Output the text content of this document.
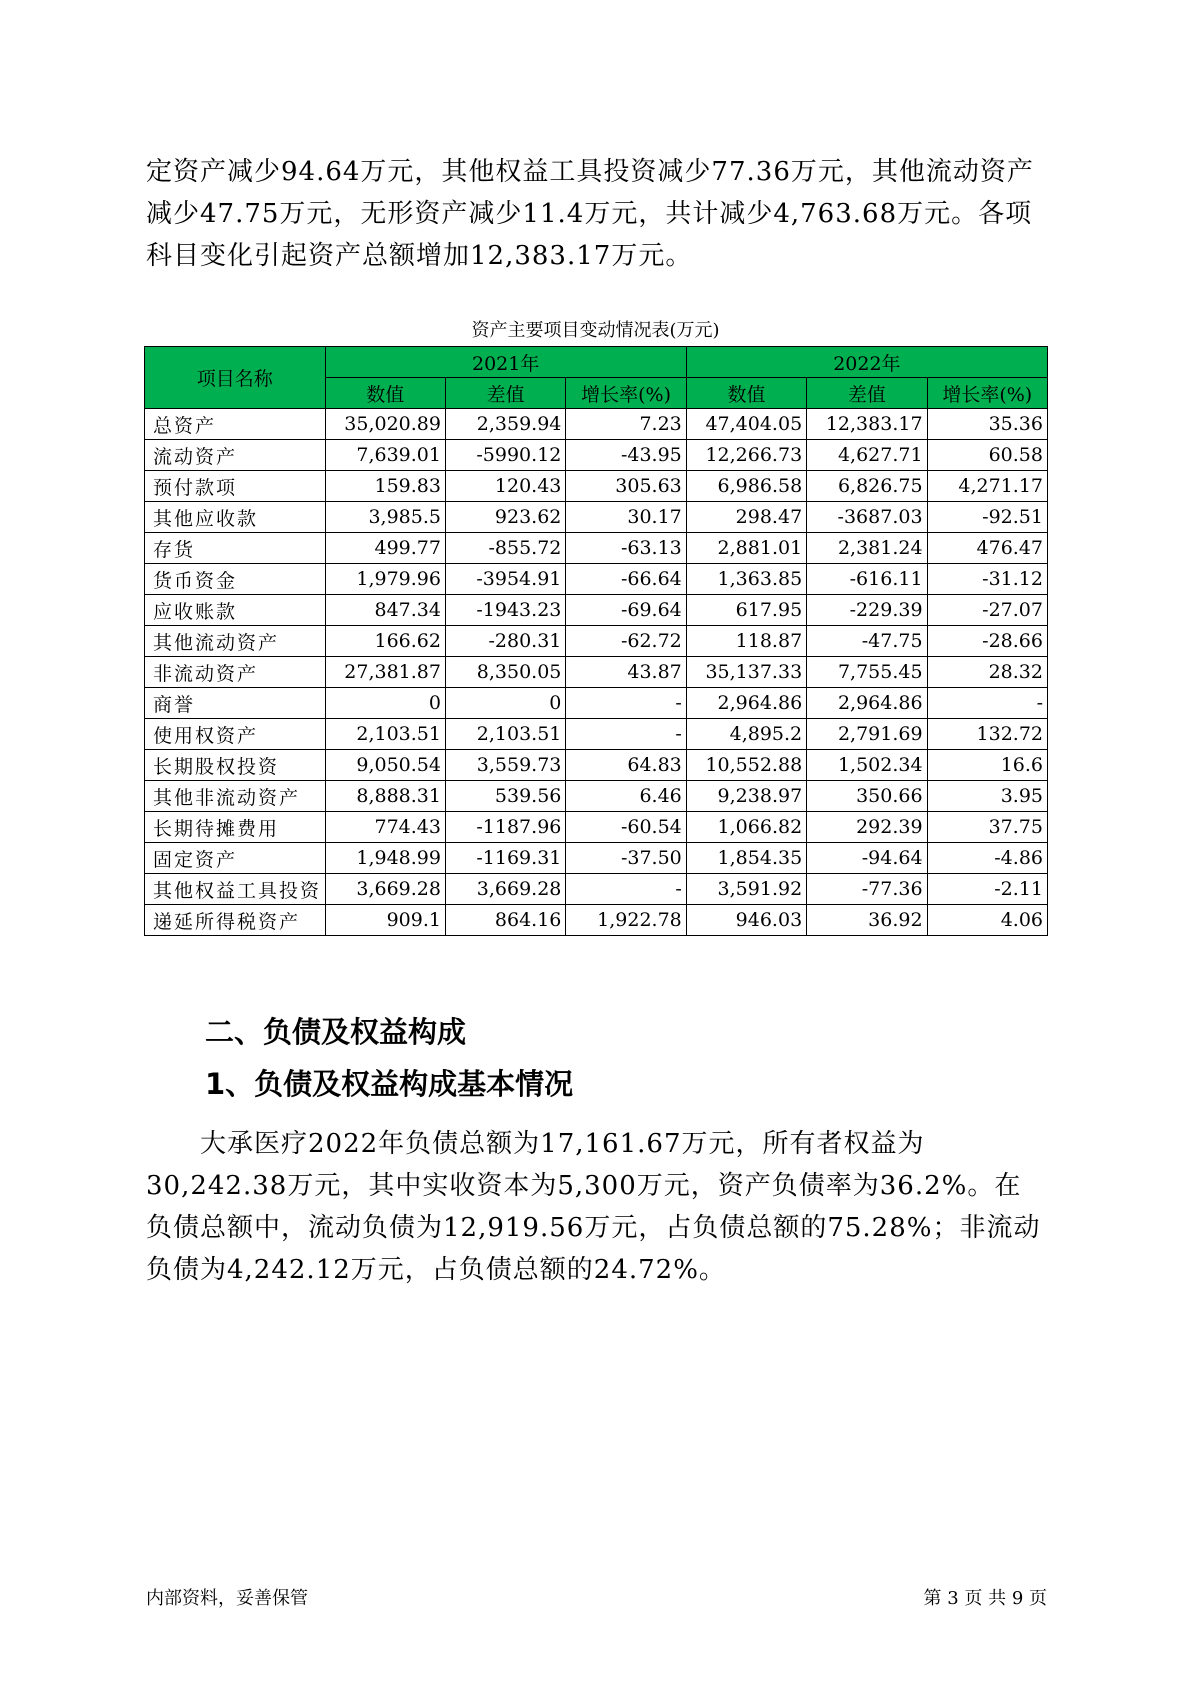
定资产减少94.64万元，其他权益工具投资减少77.36万元，其他流动资产减少47.75万元，无形资产减少11.4万元，共计减少4,763.68万元。各项科目变化引起资产总额增加12,383.17万元。

资产主要项目变动情况表(万元)
项目名称	2021年			2022年		
	数值	差值	增长率(%)	数值	差值	增长率(%)
总资产	35,020.89	2,359.94	7.23	47,404.05	12,383.17	35.36
流动资产	7,639.01	-5990.12	-43.95	12,266.73	4,627.71	60.58
预付款项	159.83	120.43	305.63	6,986.58	6,826.75	4,271.17
其他应收款	3,985.5	923.62	30.17	298.47	-3687.03	-92.51
存货	499.77	-855.72	-63.13	2,881.01	2,381.24	476.47
货币资金	1,979.96	-3954.91	-66.64	1,363.85	-616.11	-31.12
应收账款	847.34	-1943.23	-69.64	617.95	-229.39	-27.07
其他流动资产	166.62	-280.31	-62.72	118.87	-47.75	-28.66
非流动资产	27,381.87	8,350.05	43.87	35,137.33	7,755.45	28.32
商誉	0	0	-	2,964.86	2,964.86	-
使用权资产	2,103.51	2,103.51	-	4,895.2	2,791.69	132.72
长期股权投资	9,050.54	3,559.73	64.83	10,552.88	1,502.34	16.6
其他非流动资产	8,888.31	539.56	6.46	9,238.97	350.66	3.95
长期待摊费用	774.43	-1187.96	-60.54	1,066.82	292.39	37.75
固定资产	1,948.99	-1169.31	-37.50	1,854.35	-94.64	-4.86
其他权益工具投资	3,669.28	3,669.28	-	3,591.92	-77.36	-2.11
递延所得税资产	909.1	864.16	1,922.78	946.03	36.92	4.06
二、负债及权益构成
1、负债及权益构成基本情况

大承医疗2022年负债总额为17,161.67万元，所有者权益为30,242.38万元，其中实收资本为5,300万元，资产负债率为36.2%。在负债总额中，流动负债为12,919.56万元，占负债总额的75.28%；非流动负债为4,242.12万元，占负债总额的24.72%。

内部资料，妥善保管	第 3 页 共 9 页
